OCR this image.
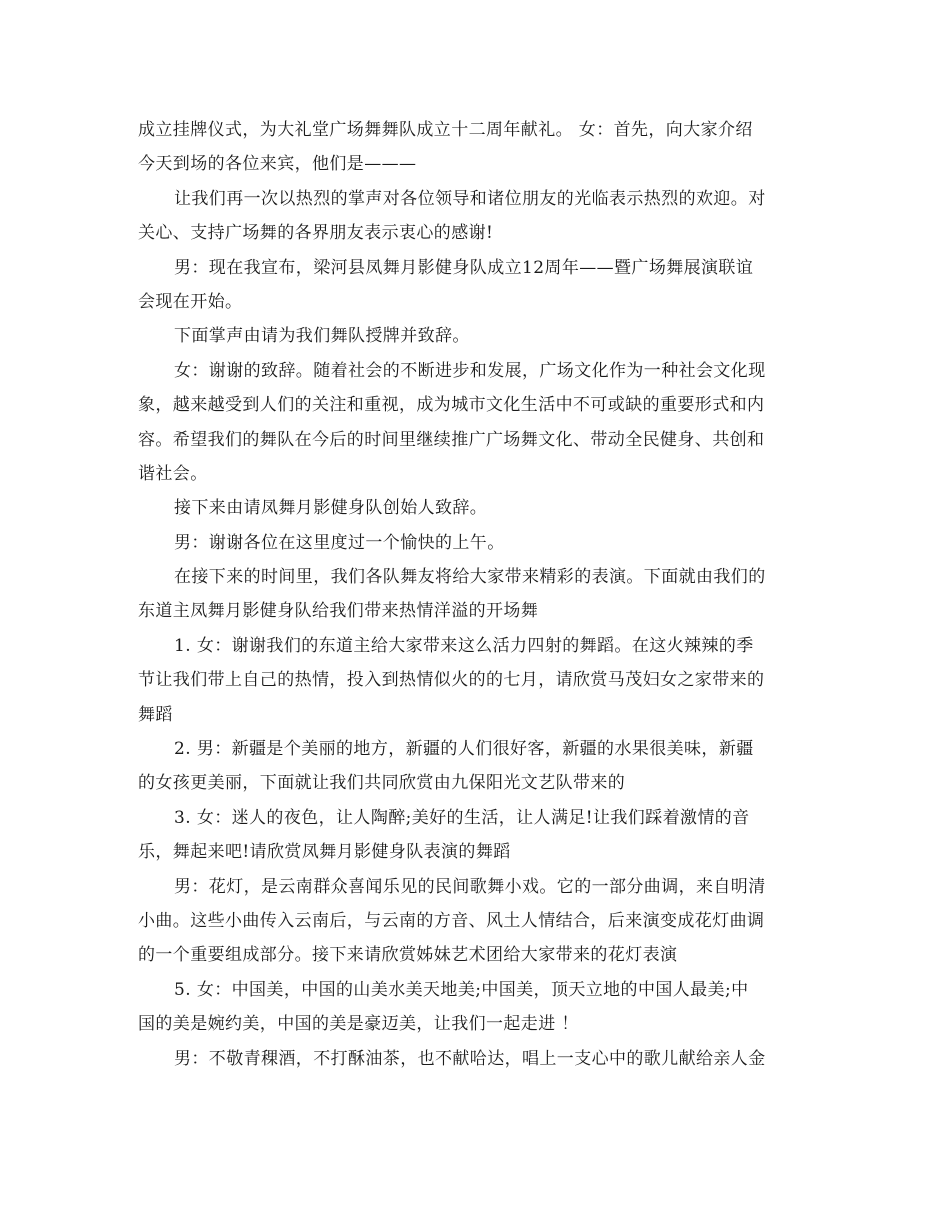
成立挂牌仪式，为大礼堂广场舞舞队成立十二周年献礼。 女：首先，向大家介绍
今天到场的各位来宾，他们是———
让我们再一次以热烈的掌声对各位领导和诸位朋友的光临表示热烈的欢迎。对
关心、支持广场舞的各界朋友表示衷心的感谢!
男：现在我宣布，梁河县凤舞月影健身队成立12周年——暨广场舞展演联谊
会现在开始。
下面掌声由请为我们舞队授牌并致辞。
女：谢谢的致辞。随着社会的不断进步和发展，广场文化作为一种社会文化现
象，越来越受到人们的关注和重视，成为城市文化生活中不可或缺的重要形式和内
容。希望我们的舞队在今后的时间里继续推广广场舞文化、带动全民健身、共创和
谐社会。
接下来由请凤舞月影健身队创始人致辞。
男：谢谢各位在这里度过一个愉快的上午。
在接下来的时间里，我们各队舞友将给大家带来精彩的表演。下面就由我们的
东道主凤舞月影健身队给我们带来热情洋溢的开场舞
1. 女：谢谢我们的东道主给大家带来这么活力四射的舞蹈。在这火辣辣的季
节让我们带上自己的热情，投入到热情似火的的七月，请欣赏马茂妇女之家带来的
舞蹈
2. 男：新疆是个美丽的地方，新疆的人们很好客，新疆的水果很美味，新疆
的女孩更美丽，下面就让我们共同欣赏由九保阳光文艺队带来的
3. 女：迷人的夜色，让人陶醉;美好的生活，让人满足!让我们踩着激情的音
乐，舞起来吧!请欣赏凤舞月影健身队表演的舞蹈
男：花灯，是云南群众喜闻乐见的民间歌舞小戏。它的一部分曲调，来自明清
小曲。这些小曲传入云南后，与云南的方音、风土人情结合，后来演变成花灯曲调
的一个重要组成部分。接下来请欣赏姊妹艺术团给大家带来的花灯表演
5. 女：中国美，中国的山美水美天地美;中国美，顶天立地的中国人最美;中
国的美是婉约美，中国的美是豪迈美，让我们一起走进 ！
男：不敬青稞酒，不打酥油茶，也不献哈达，唱上一支心中的歌儿献给亲人金
